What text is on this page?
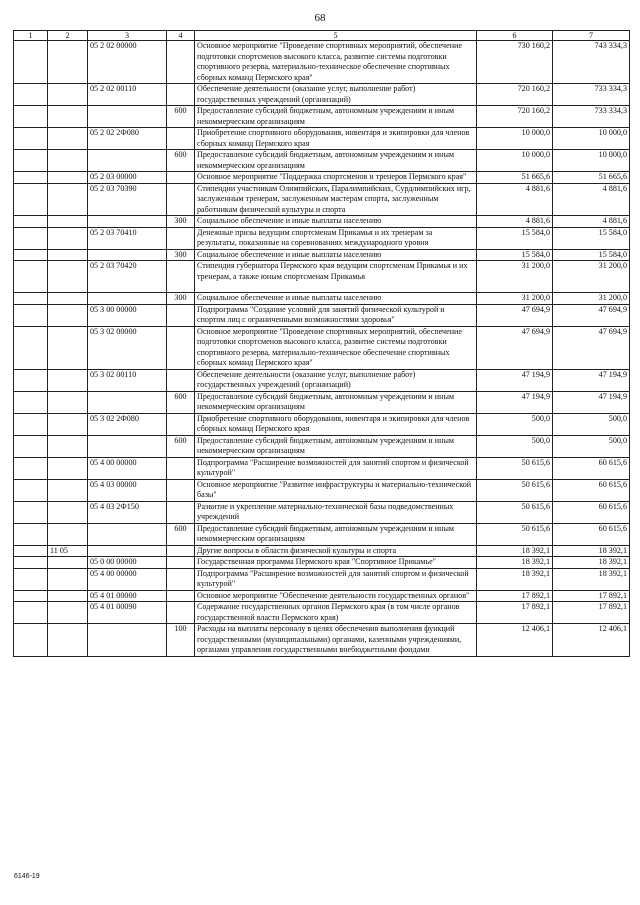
68
1	2	3	4	5	6	7
		05 2 02 00000		Основное мероприятие "Проведение спортивных мероприятий, обеспечение подготовки спортсменов высокого класса, развитие системы подготовки спортивного резерва, материально-техническое обеспечение спортивных сборных команд Пермского края"	730 160,2	743 334,3
		05 2 02 00110		Обеспечение деятельности (оказание услуг, выполнение работ) государственных учреждений (организаций)	720 160,2	733 334,3
			600	Предоставление субсидий бюджетным, автономным учреждениям и иным некоммерческим организациям	720 160,2	733 334,3
		05 2 02 2Ф080		Приобретение спортивного оборудования, инвентаря и экипировки для членов сборных команд Пермского края	10 000,0	10 000,0
			600	Предоставление субсидий бюджетным, автономным учреждениям и иным некоммерческим организациям	10 000,0	10 000,0
		05 2 03 00000		Основное мероприятие "Поддержка спортсменов и тренеров Пермского края"	51 665,6	51 665,6
		05 2 03 70390		Стипендии участникам Олимпийских, Паралимпийских, Сурдлимпийских игр, заслуженным тренерам, заслуженным мастерам спорта, заслуженным работникам физической культуры и спорта	4 881,6	4 881,6
			300	Социальное обеспечение и иные выплаты населению	4 881,6	4 881,6
		05 2 03 70410		Денежные призы ведущим спортсменам Прикамья и их тренерам за результаты, показанные на соревнованиях международного уровня	15 584,0	15 584,0
			300	Социальное обеспечение и иные выплаты населению	15 584,0	15 584,0
		05 2 03 70420		Стипендия губернатора Пермского края ведущим спортсменам Прикамья и их тренерам, а также юным спортсменам Прикамья	31 200,0	31 200,0
			300	Социальное обеспечение и иные выплаты населению	31 200,0	31 200,0
		05 3 00 00000		Подпрограмма "Создание условий для занятий физической культурой и спортом лиц с ограниченными возможностями здоровья"	47 694,9	47 694,9
		05 3 02 00000		Основное мероприятие "Проведение спортивных мероприятий, обеспечение подготовки спортсменов высокого класса, развитие системы подготовки спортивного резерва, материально-техническое обеспечение спортивных сборных команд Пермского края"	47 694,9	47 694,9
		05 3 02 00110		Обеспечение деятельности (оказание услуг, выполнение работ) государственных учреждений (организаций)	47 194,9	47 194,9
			600	Предоставление субсидий бюджетным, автономным учреждениям и иным некоммерческим организациям	47 194,9	47 194,9
		05 3 02 2Ф080		Приобретение спортивного оборудования, инвентаря и экипировки для членов сборных команд Пермского края	500,0	500,0
			600	Предоставление субсидий бюджетным, автономным учреждениям и иным некоммерческим организациям	500,0	500,0
		05 4 00 00000		Подпрограмма "Расширение возможностей для занятий спортом и физической культурой"	50 615,6	60 615,6
		05 4 03 00000		Основное мероприятие "Развитие инфраструктуры и материально-технической базы"	50 615,6	60 615,6
		05 4 03 2Ф150		Развитие и укрепление материально-технической базы подведомственных учреждений	50 615,6	60 615,6
			600	Предоставление субсидий бюджетным, автономным учреждениям и иным некоммерческим организациям	50 615,6	60 615,6
	11 05			Другие вопросы в области физической культуры и спорта	18 392,1	18 392,1
		05 0 00 00000		Государственная программа Пермского края "Спортивное Прикамье"	18 392,1	18 392,1
		05 4 00 00000		Подпрограмма "Расширение возможностей для занятий спортом и физической культурой"	18 392,1	18 392,1
		05 4 01 00000		Основное мероприятие "Обеспечение деятельности государственных органов"	17 892,1	17 892,1
		05 4 01 00090		Содержание государственных органов Пермского края (в том числе органов государственной власти Пермского края)	17 892,1	17 892,1
			100	Расходы на выплаты персоналу в целях обеспечения выполнения функций государственными (муниципальными) органами, казенными учреждениями, органами управления государственными внебюджетными фондами	12 406,1	12 406,1
6146-19
